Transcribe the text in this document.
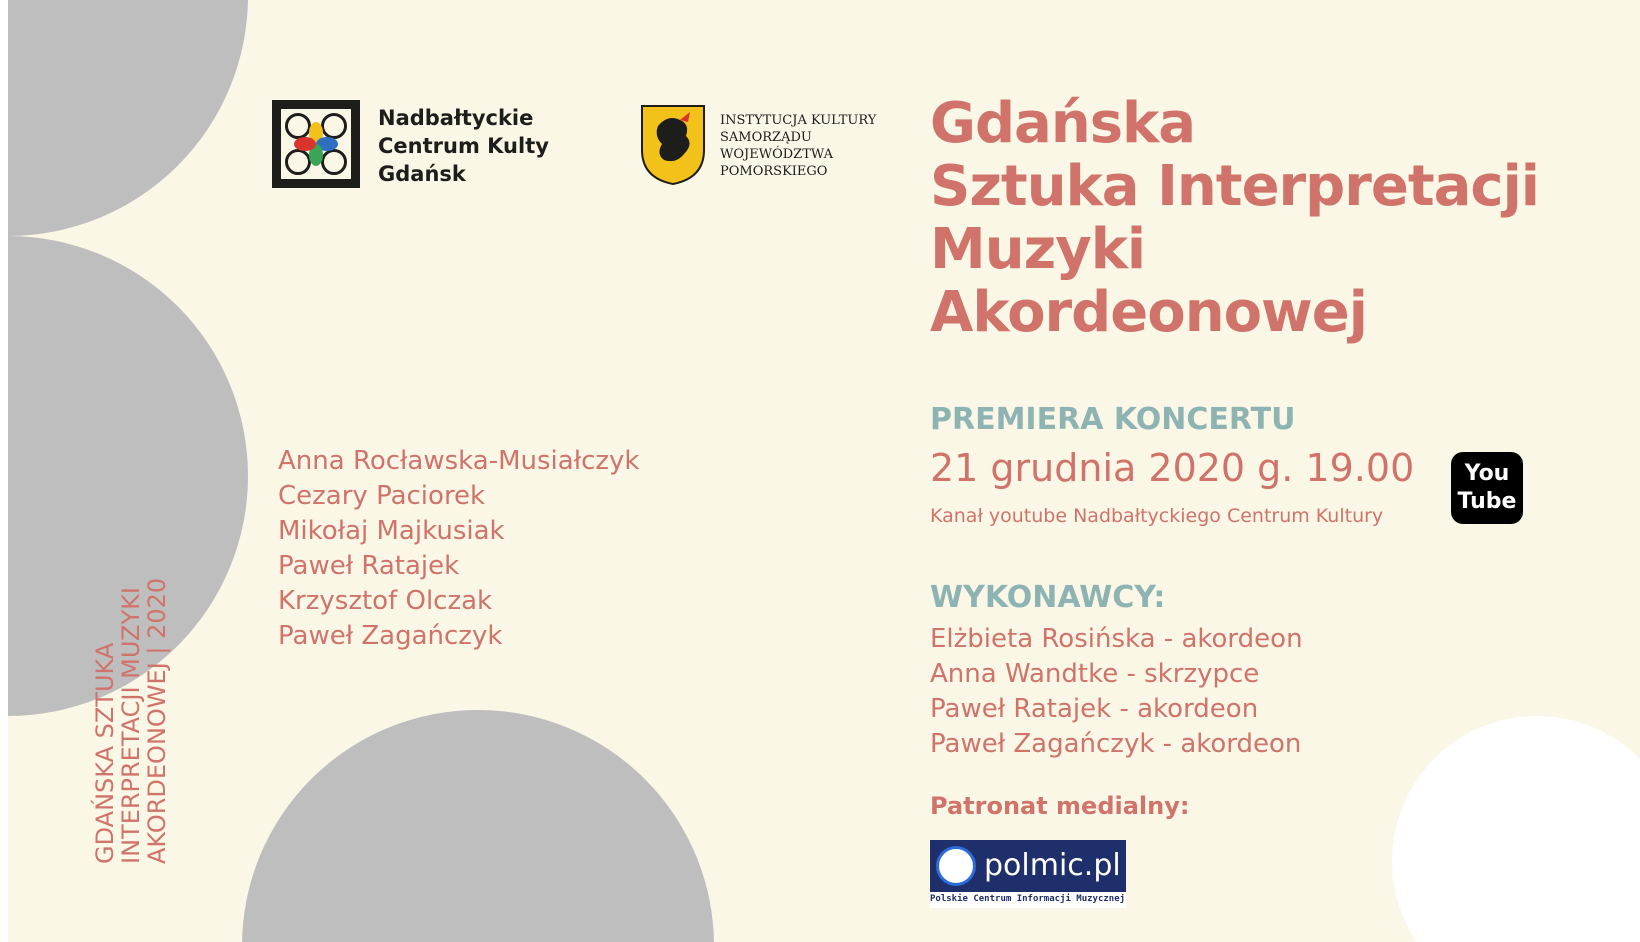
Nadbałtyckie
Centrum Kulty
Gdańsk
INSTYTUCJA KULTURY
SAMORZĄDU
WOJEWÓDZTWA
POMORSKIEGO
Gdańska
Sztuka Interpretacji
Muzyki
Akordeonowej
PREMIERA KONCERTU
21 grudnia 2020 g. 19.00
Kanał youtube Nadbałtyckiego Centrum Kultury
You
Tube
WYKONAWCY:
Elżbieta Rosińska - akordeon
Anna Wandtke - skrzypce
Paweł Ratajek - akordeon
Paweł Zagańczyk - akordeon
Patronat medialny:
polmic.pl
Polskie Centrum Informacji Muzycznej
Anna Rocławska-Musiałczyk
Cezary Paciorek
Mikołaj Majkusiak
Paweł Ratajek
Krzysztof Olczak
Paweł Zagańczyk
GDAŃSKA SZTUKA
INTERPRETACJI MUZYKI
AKORDEONOWEJ | 2020
